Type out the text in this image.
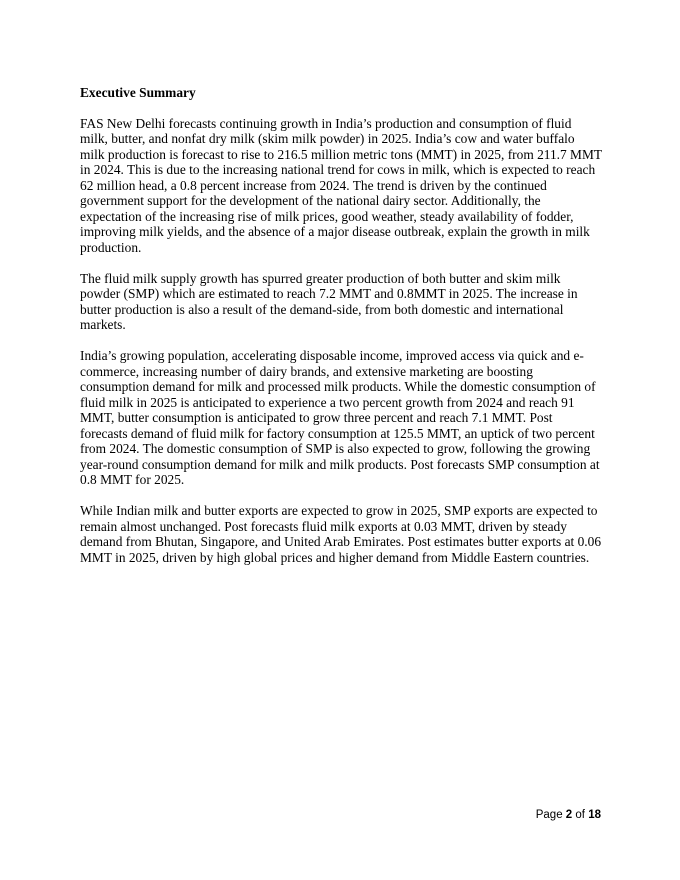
Executive Summary

FAS New Delhi forecasts continuing growth in India’s production and consumption of fluid milk, butter, and nonfat dry milk (skim milk powder) in 2025. India’s cow and water buffalo milk production is forecast to rise to 216.5 million metric tons (MMT) in 2025, from 211.7 MMT in 2024. This is due to the increasing national trend for cows in milk, which is expected to reach 62 million head, a 0.8 percent increase from 2024. The trend is driven by the continued government support for the development of the national dairy sector. Additionally, the expectation of the increasing rise of milk prices, good weather, steady availability of fodder, improving milk yields, and the absence of a major disease outbreak, explain the growth in milk production.

The fluid milk supply growth has spurred greater production of both butter and skim milk powder (SMP) which are estimated to reach 7.2 MMT and 0.8MMT in 2025. The increase in butter production is also a result of the demand-side, from both domestic and international markets.

India’s growing population, accelerating disposable income, improved access via quick and e-commerce, increasing number of dairy brands, and extensive marketing are boosting consumption demand for milk and processed milk products. While the domestic consumption of fluid milk in 2025 is anticipated to experience a two percent growth from 2024 and reach 91 MMT, butter consumption is anticipated to grow three percent and reach 7.1 MMT. Post forecasts demand of fluid milk for factory consumption at 125.5 MMT, an uptick of two percent from 2024. The domestic consumption of SMP is also expected to grow, following the growing year-round consumption demand for milk and milk products. Post forecasts SMP consumption at 0.8 MMT for 2025.

While Indian milk and butter exports are expected to grow in 2025, SMP exports are expected to remain almost unchanged. Post forecasts fluid milk exports at 0.03 MMT, driven by steady demand from Bhutan, Singapore, and United Arab Emirates. Post estimates butter exports at 0.06 MMT in 2025, driven by high global prices and higher demand from Middle Eastern countries.

Page 2 of 18
